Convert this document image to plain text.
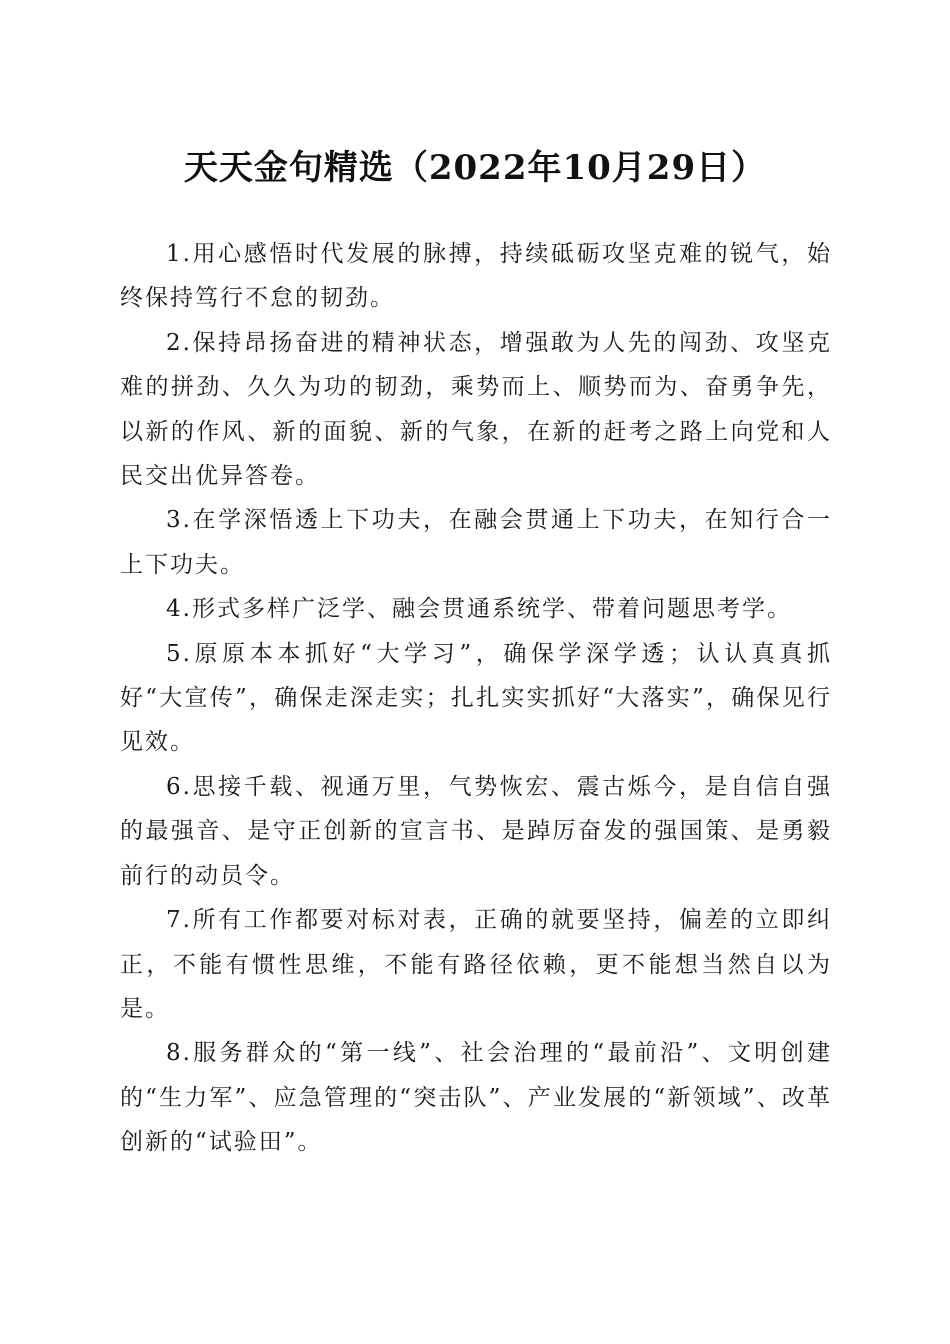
天天金句精选（2022年10月29日）

1.用心感悟时代发展的脉搏，持续砥砺攻坚克难的锐气，始终保持笃行不怠的韧劲。

2.保持昂扬奋进的精神状态，增强敢为人先的闯劲、攻坚克难的拼劲、久久为功的韧劲，乘势而上、顺势而为、奋勇争先，以新的作风、新的面貌、新的气象，在新的赶考之路上向党和人民交出优异答卷。

3.在学深悟透上下功夫，在融会贯通上下功夫，在知行合一上下功夫。

4.形式多样广泛学、融会贯通系统学、带着问题思考学。

5.原原本本抓好“大学习”，确保学深学透；认认真真抓好“大宣传”，确保走深走实；扎扎实实抓好“大落实”，确保见行见效。

6.思接千载、视通万里，气势恢宏、震古烁今，是自信自强的最强音、是守正创新的宣言书、是踔厉奋发的强国策、是勇毅前行的动员令。

7.所有工作都要对标对表，正确的就要坚持，偏差的立即纠正，不能有惯性思维，不能有路径依赖，更不能想当然自以为是。

8.服务群众的“第一线”、社会治理的“最前沿”、文明创建的“生力军”、应急管理的“突击队”、产业发展的“新领域”、改革创新的“试验田”。
